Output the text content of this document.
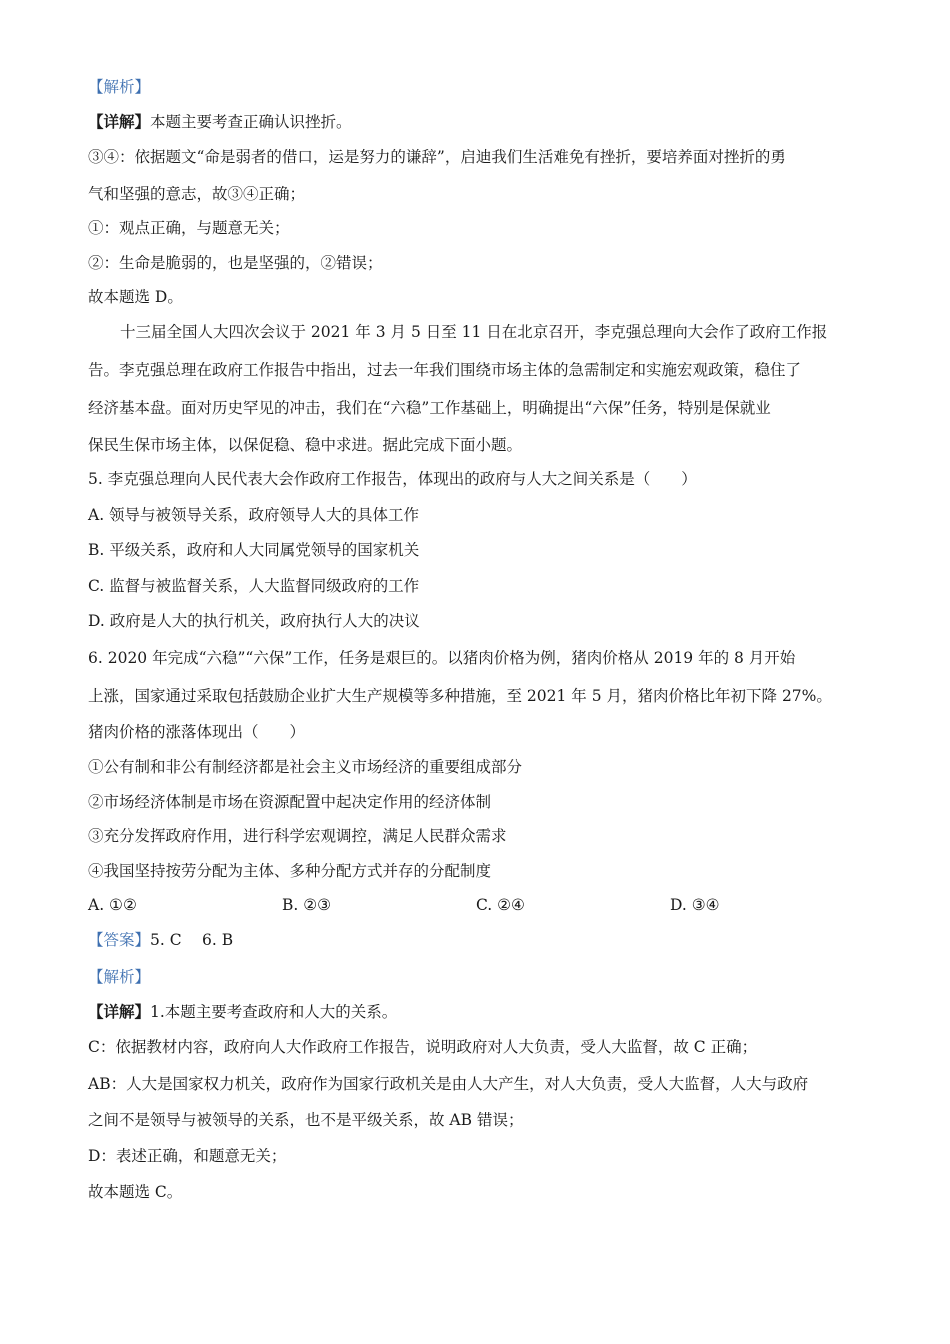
【解析】
【详解】本题主要考查正确认识挫折。
③④：依据题文“命是弱者的借口，运是努力的谦辞”，启迪我们生活难免有挫折，要培养面对挫折的勇
气和坚强的意志，故③④正确；
①：观点正确，与题意无关；
②：生命是脆弱的，也是坚强的，②错误；
故本题选 D。
十三届全国人大四次会议于 2021 年 3 月 5 日至 11 日在北京召开，李克强总理向大会作了政府工作报
告。李克强总理在政府工作报告中指出，过去一年我们围绕市场主体的急需制定和实施宏观政策，稳住了
经济基本盘。面对历史罕见的冲击，我们在“六稳”工作基础上，明确提出“六保”任务，特别是保就业
保民生保市场主体，以保促稳、稳中求进。据此完成下面小题。
5. 李克强总理向人民代表大会作政府工作报告，体现出的政府与人大之间关系是（　　）
A. 领导与被领导关系，政府领导人大的具体工作
B. 平级关系，政府和人大同属党领导的国家机关
C. 监督与被监督关系，人大监督同级政府的工作
D. 政府是人大的执行机关，政府执行人大的决议
6. 2020 年完成“六稳”“六保”工作，任务是艰巨的。以猪肉价格为例，猪肉价格从 2019 年的 8 月开始
上涨，国家通过采取包括鼓励企业扩大生产规模等多种措施，至 2021 年 5 月，猪肉价格比年初下降 27%。
猪肉价格的涨落体现出（　　）
①公有制和非公有制经济都是社会主义市场经济的重要组成部分
②市场经济体制是市场在资源配置中起决定作用的经济体制
③充分发挥政府作用，进行科学宏观调控，满足人民群众需求
④我国坚持按劳分配为主体、多种分配方式并存的分配制度
A. ①②	B. ②③	C. ②④	D. ③④
【答案】5. C　 6. B
【解析】
【详解】1.本题主要考查政府和人大的关系。
C：依据教材内容，政府向人大作政府工作报告，说明政府对人大负责，受人大监督，故 C 正确；
AB：人大是国家权力机关，政府作为国家行政机关是由人大产生，对人大负责，受人大监督，人大与政府
之间不是领导与被领导的关系，也不是平级关系，故 AB 错误；
D：表述正确，和题意无关；
故本题选 C。
